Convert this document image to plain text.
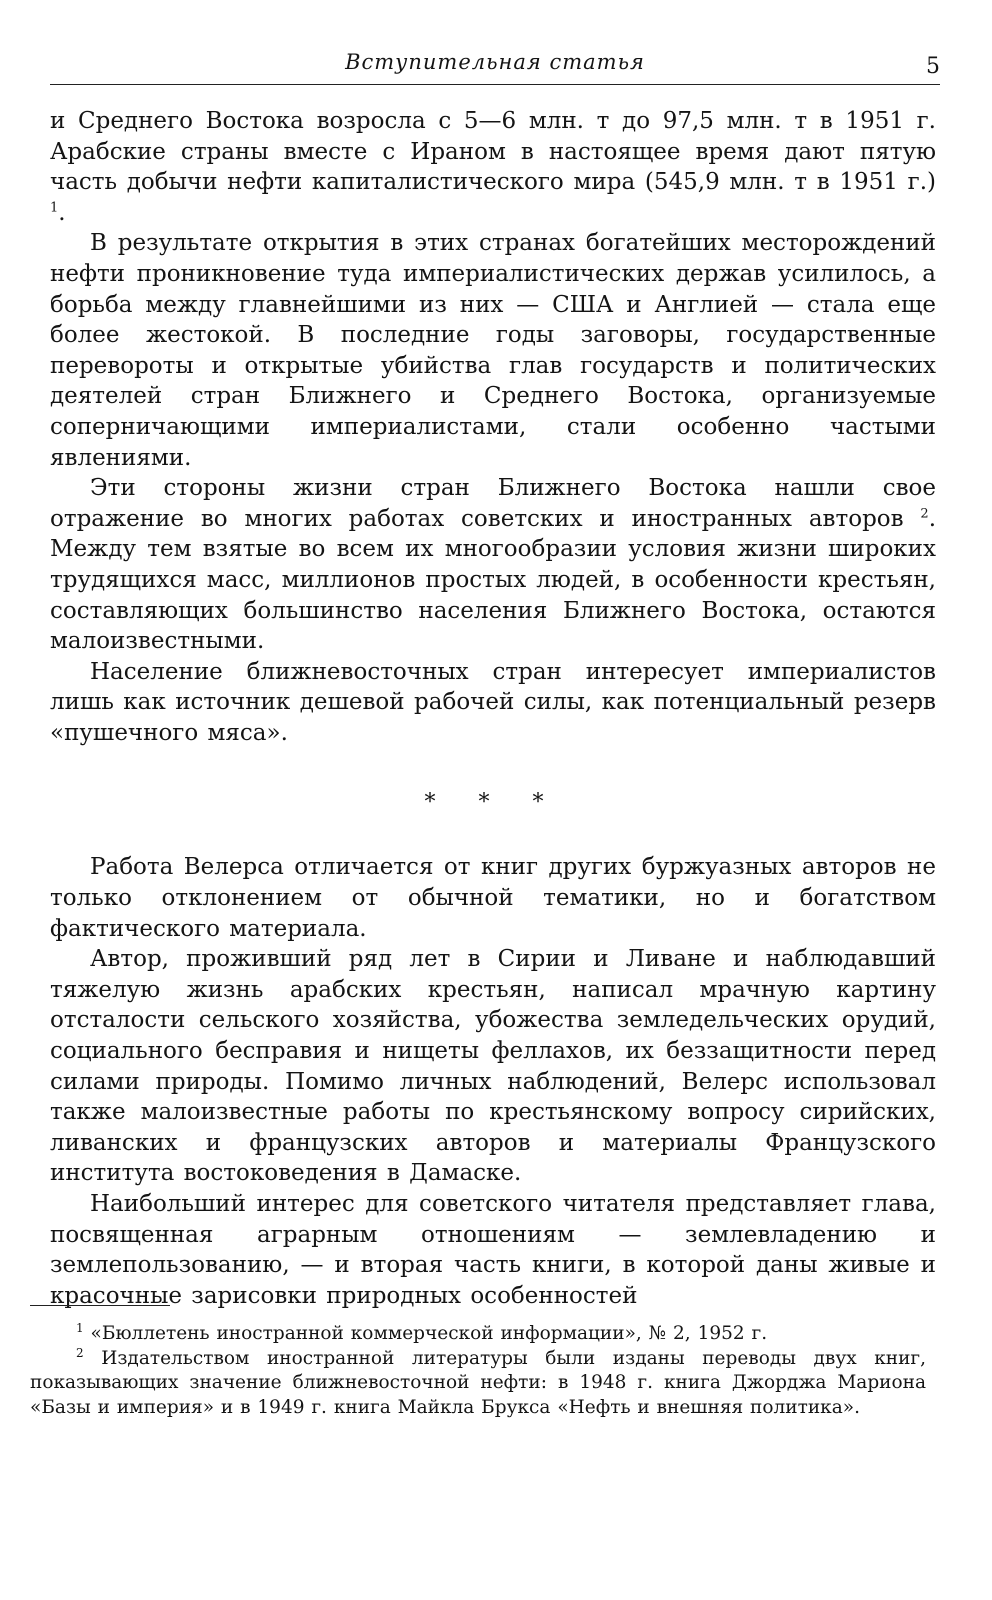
Вступительная статья	5

и Среднего Востока возросла с 5—6 млн. т до 97,5 млн. т в 1951 г. Арабские страны вместе с Ираном в настоящее время дают пятую часть добычи нефти капиталистического мира (545,9 млн. т в 1951 г.) $^1$.

В результате открытия в этих странах богатейших месторождений нефти проникновение туда империалистических держав усилилось, а борьба между главнейшими из них — США и Англией — стала еще более жестокой. В последние годы заговоры, государственные перевороты и открытые убийства глав государств и политических деятелей стран Ближнего и Среднего Востока, организуемые соперничающими империалистами, стали особенно частыми явлениями.

Эти стороны жизни стран Ближнего Востока нашли свое отражение во многих работах советских и иностранных авторов $^2$. Между тем взятые во всем их многообразии условия жизни широких трудящихся масс, миллионов простых людей, в особенности крестьян, составляющих большинство населения Ближнего Востока, остаются малоизвестными.

Население ближневосточных стран интересует империалистов лишь как источник дешевой рабочей силы, как потенциальный резерв «пушечного мяса».

* * *

Работа Велерса отличается от книг других буржуазных авторов не только отклонением от обычной тематики, но и богатством фактического материала.

Автор, проживший ряд лет в Сирии и Ливане и наблюдавший тяжелую жизнь арабских крестьян, написал мрачную картину отсталости сельского хозяйства, убожества земледельческих орудий, социального бесправия и нищеты феллахов, их беззащитности перед силами природы. Помимо личных наблюдений, Велерс использовал также малоизвестные работы по крестьянскому вопросу сирийских, ливанских и французских авторов и материалы Французского института востоковедения в Дамаске.

Наибольший интерес для советского читателя представляет глава, посвященная аграрным отношениям — землевладению и землепользованию, — и вторая часть книги, в которой даны живые и красочные зарисовки природных особенностей

$^1$ «Бюллетень иностранной коммерческой информации», № 2, 1952 г.

$^2$ Издательством иностранной литературы были изданы переводы двух книг, показывающих значение ближневосточной нефти: в 1948 г. книга Джорджа Мариона «Базы и империя» и в 1949 г. книга Майкла Брукса «Нефть и внешняя политика».
